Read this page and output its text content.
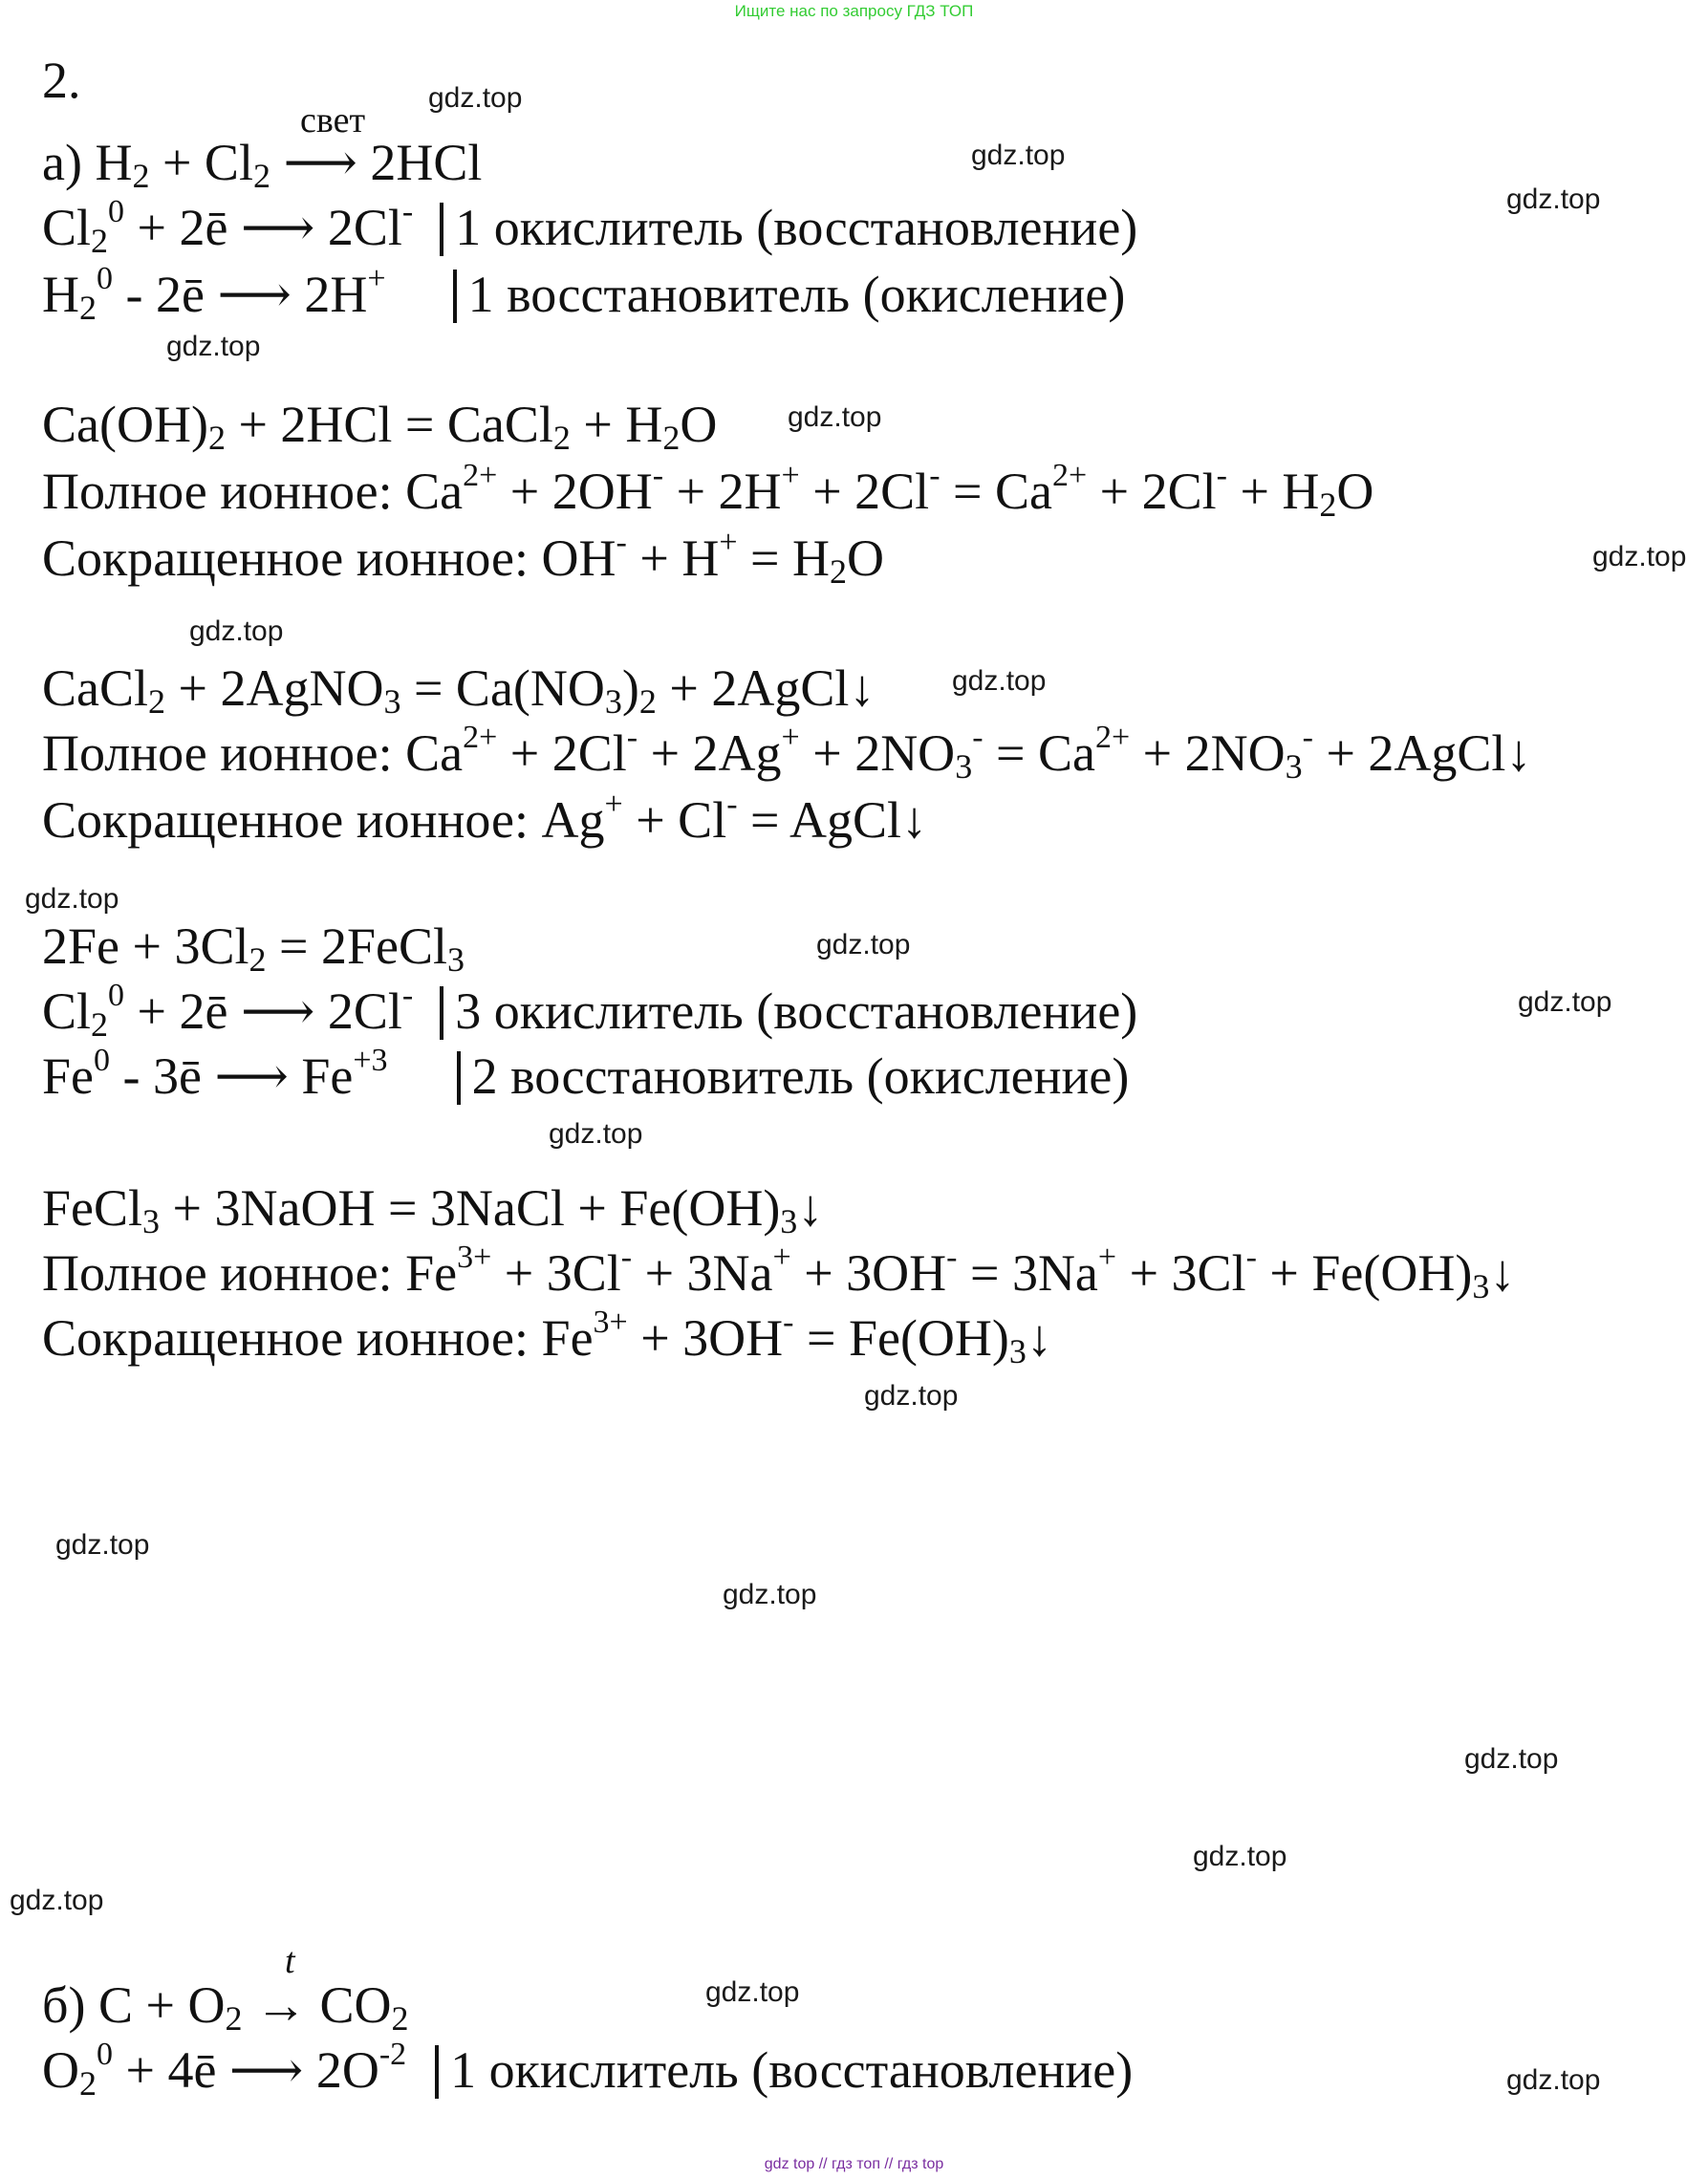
Ищите нас по запросу ГДЗ ТОП
gdz.top
gdz.top
gdz.top
gdz.top
gdz.top
gdz.top
gdz.top
gdz.top
gdz.top
gdz.top
gdz.top
gdz.top
gdz.top
gdz.top
gdz.top
gdz.top
gdz.top
gdz.top
gdz.top
gdz.top
2.
свет
а) $H_2 + Cl_2$ ⟶ 2HCl
$Cl_2^0$ + 2ē ⟶ 2Cl- 1 окислитель (восстановление)
$H_2^0$ - 2ē ⟶ 2H+ 1 восстановитель (окисление)
$Ca(OH)_2 + 2HCl$ = CaCl$_2$ + $H_2O$
Полное ионное: $Ca^{2+} + 2OH^- + 2H^+ + 2Cl^- = Ca^{2+} + 2Cl^- + H_2O$
Сокращенное ионное: $OH^- + H^+ = H_2O$
CaCl$_2$ + 2AgNO$_3$ = $Ca(NO_3)_2$ + 2AgCl↓
Полное ионное: $Ca^{2+} + 2Cl^- + 2Ag^+ + 2NO_3^- = Ca^{2+} + 2NO_3^-$ + 2AgCl↓
Сокращенное ионное: Ag+ + Cl- = AgCl↓
$2Fe + 3Cl_2$ = 2FeCl$_3$
$Cl_2^0$ + 2ē ⟶ 2Cl- 3 окислитель (восстановление)
Fe$^0$ - 3ē ⟶ $Fe^{+3}$ 2 восстановитель (окисление)
FeCl$_3$ + 3NaOH = 3NaCl + $Fe(OH)_3↓$
Полное ионное: $Fe^{3+} + 3Cl^- + 3Na^+ + 3OH^- = 3Na^+ + 3Cl^-$ + $Fe(OH)_3↓$
Сокращенное ионное: $Fe^{3+} + 3OH^-$ = $Fe(OH)_3↓$
t
б) $C + O_2 \to CO_2$
$O_2^0$ + 4ē ⟶ $2O^{-2}$ 1 окислитель (восстановление)
gdz top // гдз топ // гдз top
